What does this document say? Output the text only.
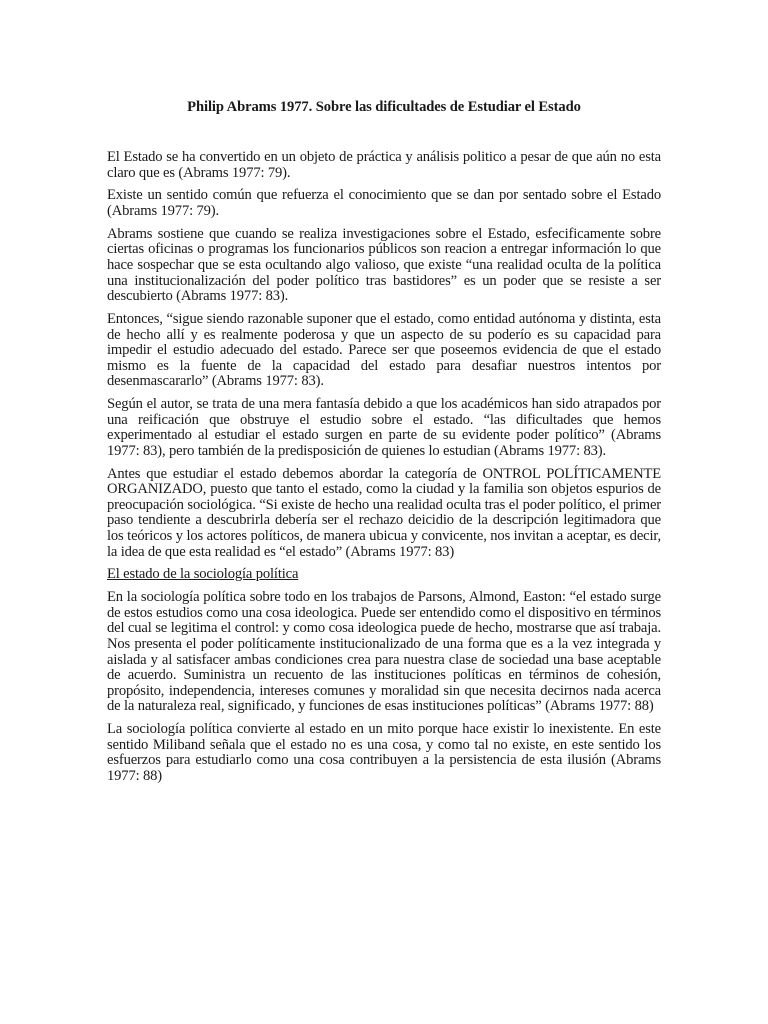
Philip Abrams 1977. Sobre las dificultades de Estudiar el Estado

El Estado se ha convertido en un objeto de práctica y análisis politico a pesar de que aún no esta claro que es (Abrams 1977: 79).

Existe un sentido común que refuerza el conocimiento que se dan por sentado sobre el Estado (Abrams 1977: 79).

Abrams sostiene que cuando se realiza investigaciones sobre el Estado, esfecificamente sobre ciertas oficinas o programas los funcionarios públicos son reacion a entregar información lo que hace sospechar que se esta ocultando algo valioso, que existe “una realidad oculta de la política una institucionalización del poder político tras bastidores” es un poder que se resiste a ser descubierto (Abrams 1977: 83).

Entonces, “sigue siendo razonable suponer que el estado, como entidad autónoma y distinta, esta de hecho allí y es realmente poderosa y que un aspecto de su poderío es su capacidad para impedir el estudio adecuado del estado. Parece ser que poseemos evidencia de que el estado mismo es la fuente de la capacidad del estado para desafiar nuestros intentos por desenmascararlo” (Abrams 1977: 83).

Según el autor, se trata de una mera fantasía debido a que los académicos han sido atrapados por una reificación que obstruye el estudio sobre el estado. “las dificultades que hemos experimentado al estudiar el estado surgen en parte de su evidente poder político” (Abrams 1977: 83), pero también de la predisposición de quienes lo estudian (Abrams 1977: 83).

Antes que estudiar el estado debemos abordar la categoría de ONTROL POLÍTICAMENTE ORGANIZADO, puesto que tanto el estado, como la ciudad y la familia son objetos espurios de preocupación sociológica. “Si existe de hecho una realidad oculta tras el poder político, el primer paso tendiente a descubrirla debería ser el rechazo deicidio de la descripción legitimadora que los teóricos y los actores políticos, de manera ubicua y convicente, nos invitan a aceptar, es decir, la idea de que esta realidad es “el estado” (Abrams 1977: 83)

El estado de la sociología política

En la sociología política sobre todo en los trabajos de Parsons, Almond, Easton: “el estado surge de estos estudios como una cosa ideologica. Puede ser entendido como el dispositivo en términos del cual se legitima el control: y como cosa ideologica puede de hecho, mostrarse que así trabaja. Nos presenta el poder políticamente institucionalizado de una forma que es a la vez integrada y aislada y al satisfacer ambas condiciones crea para nuestra clase de sociedad una base aceptable de acuerdo. Suministra un recuento de las instituciones políticas en términos de cohesión, propósito, independencia, intereses comunes y moralidad sin que necesita decirnos nada acerca de la naturaleza real, significado, y funciones de esas instituciones políticas” (Abrams 1977: 88)

La sociología política convierte al estado en un mito porque hace existir lo inexistente. En este sentido Miliband señala que el estado no es una cosa, y como tal no existe, en este sentido los esfuerzos para estudiarlo como una cosa contribuyen a la persistencia de esta ilusión (Abrams 1977: 88)
